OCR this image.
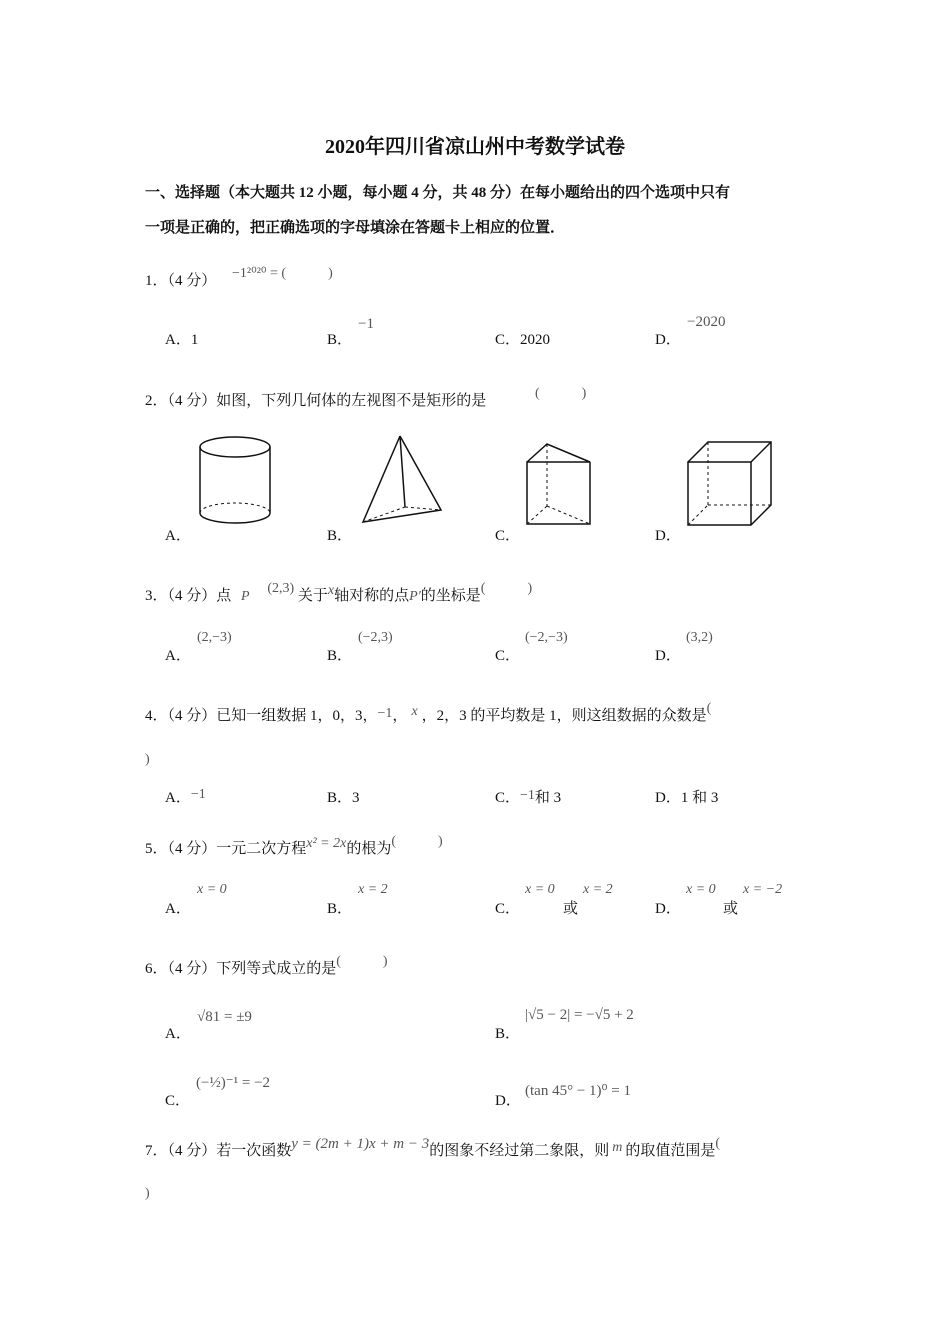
2020年四川省凉山州中考数学试卷
一、选择题（本大题共 12 小题，每小题 4 分，共 48 分）在每小题给出的四个选项中只有
一项是正确的，把正确选项的字母填涂在答题卡上相应的位置．
1．（4 分） −1²⁰²⁰ = (　　　)
A．1	B．
−1
C．2020	D．
−2020
2．（4 分）如图，下列几何体的左视图不是矩形的是	(　　　)
A．	B．	C．	D．
3．（4 分）点 P (2,3) 关于x轴对称的点P′的坐标是(　　　)
A．
(2,−3)
B．
(−2,3)
C．
(−2,−3)
D．
(3,2)
4．（4 分）已知一组数据 1，0，3，−1， x ，2，3 的平均数是 1，则这组数据的众数是(
)
A．−1	B．3	C．−1和 3	D．1 和 3
5．（4 分）一元二次方程x² = 2x的根为(　　　)
A．
x = 0
B．
x = 2
C．
x = 0
或
x = 2
D．
x = 0
或
x = −2
6．（4 分）下列等式成立的是(　　　)
A．
√81 = ±9
B．
|√5 − 2| = −√5 + 2
C．
(−½)⁻¹ = −2
D．
(tan 45° − 1)⁰ = 1
7．（4 分）若一次函数y = (2m + 1)x + m − 3的图象不经过第二象限，则 m 的取值范围是(
)
